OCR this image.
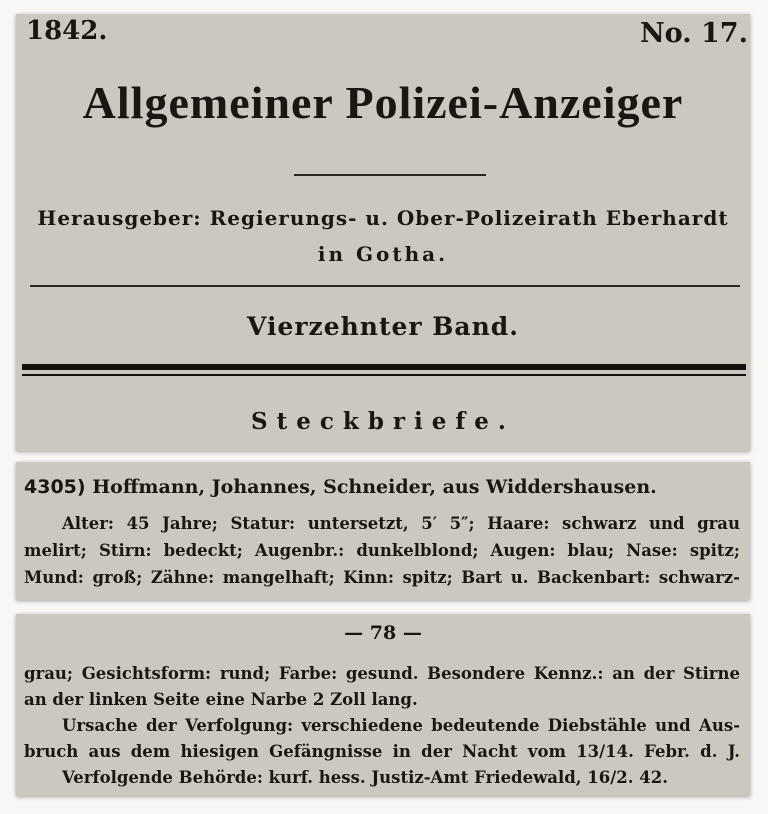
1842.	No. 17.
Allgemeiner Polizei-Anzeiger
Herausgeber: Regierungs- u. Ober-Polizeirath Eberhardt
in Gotha.
Vierzehnter Band.
Steckbriefe.
4305) Hoffmann, Johannes, Schneider, aus Widdershausen.
Alter: 45 Jahre; Statur: untersetzt, 5′ 5″; Haare: schwarz und grau
melirt; Stirn: bedeckt; Augenbr.: dunkelblond; Augen: blau; Nase: spitz;
Mund: groß; Zähne: mangelhaft; Kinn: spitz; Bart u. Backenbart: schwarz-
— 78 —
grau; Gesichtsform: rund; Farbe: gesund. Besondere Kennz.: an der Stirne
an der linken Seite eine Narbe 2 Zoll lang.
Ursache der Verfolgung: verschiedene bedeutende Diebstähle und Aus-
bruch aus dem hiesigen Gefängnisse in der Nacht vom 13/14. Febr. d. J.
Verfolgende Behörde: kurf. hess. Justiz-Amt Friedewald, 16/2. 42.
